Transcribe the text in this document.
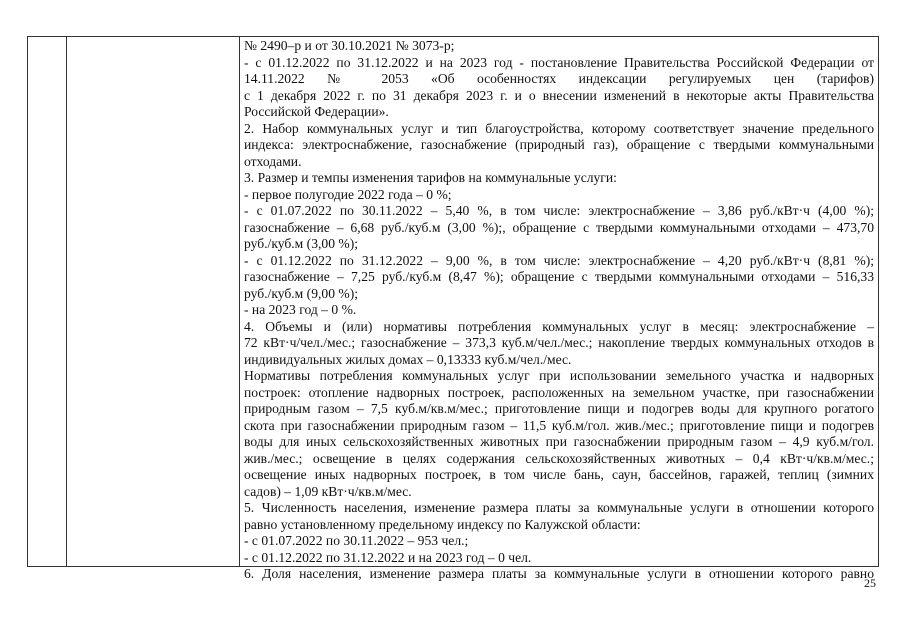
№ 2490–р и от 30.10.2021 № 3073-р;
- с 01.12.2022 по 31.12.2022 и на 2023 год - постановление Правительства Российской Федерации от
14.11.2022 № 2053 «Об особенностях индексации регулируемых цен (тарифов)
с 1 декабря 2022 г. по 31 декабря 2023 г. и о внесении изменений в некоторые акты Правительства
Российской Федерации».
2. Набор коммунальных услуг и тип благоустройства, которому соответствует значение предельного
индекса: электроснабжение, газоснабжение (природный газ), обращение с твердыми коммунальными
отходами.
3. Размер и темпы изменения тарифов на коммунальные услуги:
- первое полугодие 2022 года – 0 %;
- с 01.07.2022 по 30.11.2022 – 5,40 %, в том числе: электроснабжение – 3,86 руб./кВт·ч (4,00 %);
газоснабжение – 6,68 руб./куб.м (3,00 %);, обращение с твердыми коммунальными отходами – 473,70
руб./куб.м (3,00 %);
- с 01.12.2022 по 31.12.2022 – 9,00 %, в том числе: электроснабжение – 4,20 руб./кВт·ч (8,81 %);
газоснабжение – 7,25 руб./куб.м (8,47 %); обращение с твердыми коммунальными отходами – 516,33
руб./куб.м (9,00 %);
- на 2023 год – 0 %.
4. Объемы и (или) нормативы потребления коммунальных услуг в месяц: электроснабжение –
72 кВт·ч/чел./мес.; газоснабжение – 373,3 куб.м/чел./мес.; накопление твердых коммунальных отходов в
индивидуальных жилых домах – 0,13333 куб.м/чел./мес.
Нормативы потребления коммунальных услуг при использовании земельного участка и надворных
построек: отопление надворных построек, расположенных на земельном участке, при газоснабжении
природным газом – 7,5 куб.м/кв.м/мес.; приготовление пищи и подогрев воды для крупного рогатого
скота при газоснабжении природным газом – 11,5 куб.м/гол. жив./мес.; приготовление пищи и подогрев
воды для иных сельскохозяйственных животных при газоснабжении природным газом – 4,9 куб.м/гол.
жив./мес.; освещение в целях содержания сельскохозяйственных животных – 0,4 кВт·ч/кв.м/мес.;
освещение иных надворных построек, в том числе бань, саун, бассейнов, гаражей, теплиц (зимних
садов) – 1,09 кВт·ч/кв.м/мес.
5. Численность населения, изменение размера платы за коммунальные услуги в отношении которого
равно установленному предельному индексу по Калужской области:
- с 01.07.2022 по 30.11.2022 – 953 чел.;
- с 01.12.2022 по 31.12.2022 и на 2023 год – 0 чел.
6. Доля населения, изменение размера платы за коммунальные услуги в отношении которого равно
25
